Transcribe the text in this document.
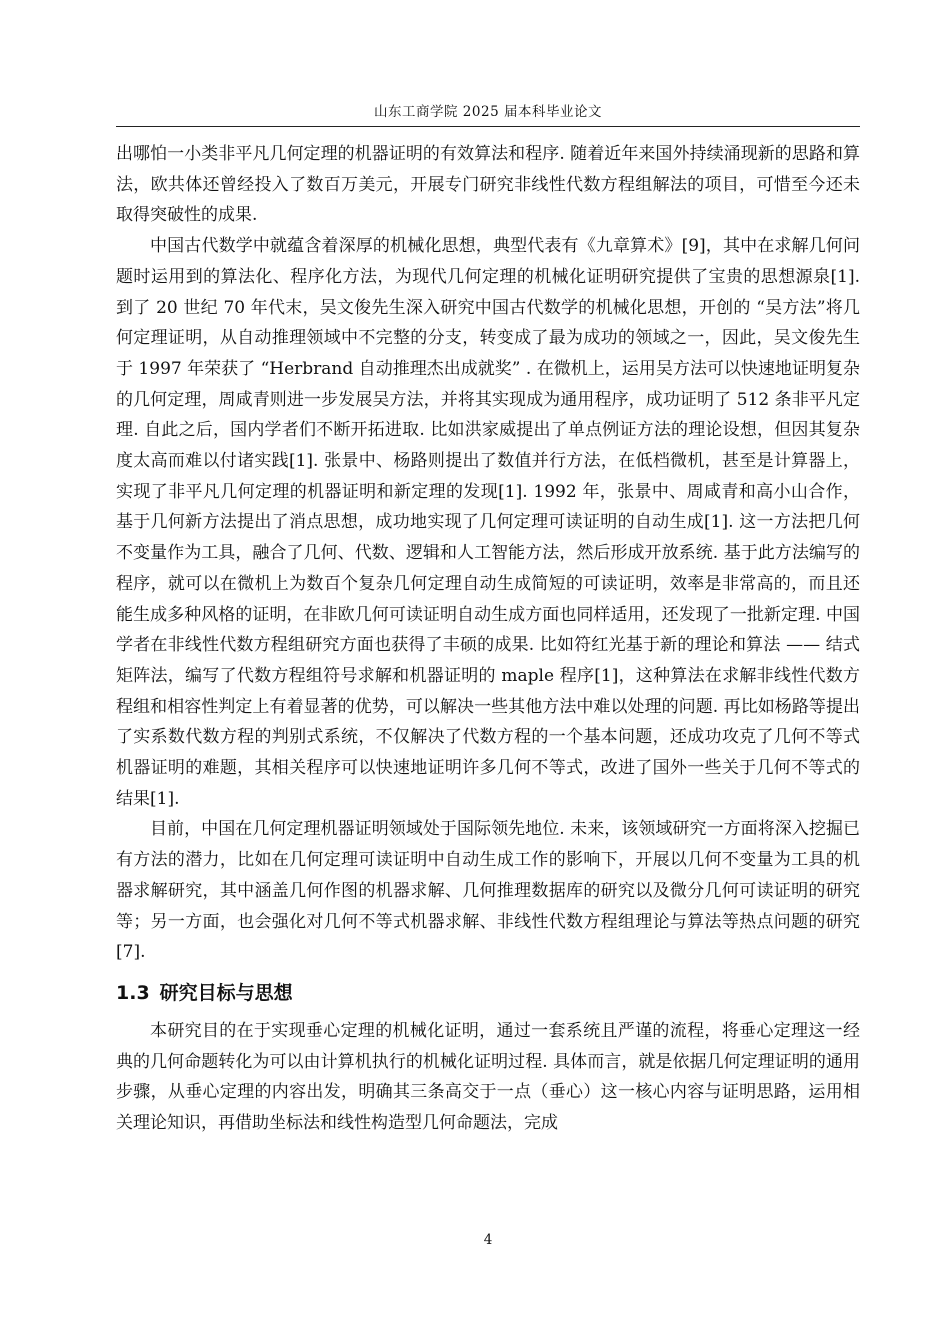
山东工商学院 2025 届本科毕业论文

出哪怕一小类非平凡几何定理的机器证明的有效算法和程序. 随着近年来国外持续涌现新的思路和算法，欧共体还曾经投入了数百万美元，开展专门研究非线性代数方程组解法的项目，可惜至今还未取得突破性的成果.

中国古代数学中就蕴含着深厚的机械化思想，典型代表有《九章算术》[9]，其中在求解几何问题时运用到的算法化、程序化方法，为现代几何定理的机械化证明研究提供了宝贵的思想源泉[1]. 到了 20 世纪 70 年代末，吴文俊先生深入研究中国古代数学的机械化思想，开创的 “吴方法”将几何定理证明，从自动推理领域中不完整的分支，转变成了最为成功的领域之一，因此，吴文俊先生于 1997 年荣获了 “Herbrand 自动推理杰出成就奖” . 在微机上，运用吴方法可以快速地证明复杂的几何定理，周咸青则进一步发展吴方法，并将其实现成为通用程序，成功证明了 512 条非平凡定理. 自此之后，国内学者们不断开拓进取. 比如洪家威提出了单点例证方法的理论设想，但因其复杂度太高而难以付诸实践[1]. 张景中、杨路则提出了数值并行方法，在低档微机，甚至是计算器上，实现了非平凡几何定理的机器证明和新定理的发现[1]. 1992 年，张景中、周咸青和高小山合作，基于几何新方法提出了消点思想，成功地实现了几何定理可读证明的自动生成[1]. 这一方法把几何不变量作为工具，融合了几何、代数、逻辑和人工智能方法，然后形成开放系统. 基于此方法编写的程序，就可以在微机上为数百个复杂几何定理自动生成简短的可读证明，效率是非常高的，而且还能生成多种风格的证明，在非欧几何可读证明自动生成方面也同样适用，还发现了一批新定理. 中国学者在非线性代数方程组研究方面也获得了丰硕的成果. 比如符红光基于新的理论和算法 —— 结式矩阵法，编写了代数方程组符号求解和机器证明的 maple 程序[1]，这种算法在求解非线性代数方程组和相容性判定上有着显著的优势，可以解决一些其他方法中难以处理的问题. 再比如杨路等提出了实系数代数方程的判别式系统，不仅解决了代数方程的一个基本问题，还成功攻克了几何不等式机器证明的难题，其相关程序可以快速地证明许多几何不等式，改进了国外一些关于几何不等式的结果[1].

目前，中国在几何定理机器证明领域处于国际领先地位. 未来，该领域研究一方面将深入挖掘已有方法的潜力，比如在几何定理可读证明中自动生成工作的影响下，开展以几何不变量为工具的机器求解研究，其中涵盖几何作图的机器求解、几何推理数据库的研究以及微分几何可读证明的研究等；另一方面，也会强化对几何不等式机器求解、非线性代数方程组理论与算法等热点问题的研究[7].

1.3 研究目标与思想

本研究目的在于实现垂心定理的机械化证明，通过一套系统且严谨的流程，将垂心定理这一经典的几何命题转化为可以由计算机执行的机械化证明过程. 具体而言，就是依据几何定理证明的通用步骤，从垂心定理的内容出发，明确其三条高交于一点（垂心）这一核心内容与证明思路，运用相关理论知识，再借助坐标法和线性构造型几何命题法，完成

4
